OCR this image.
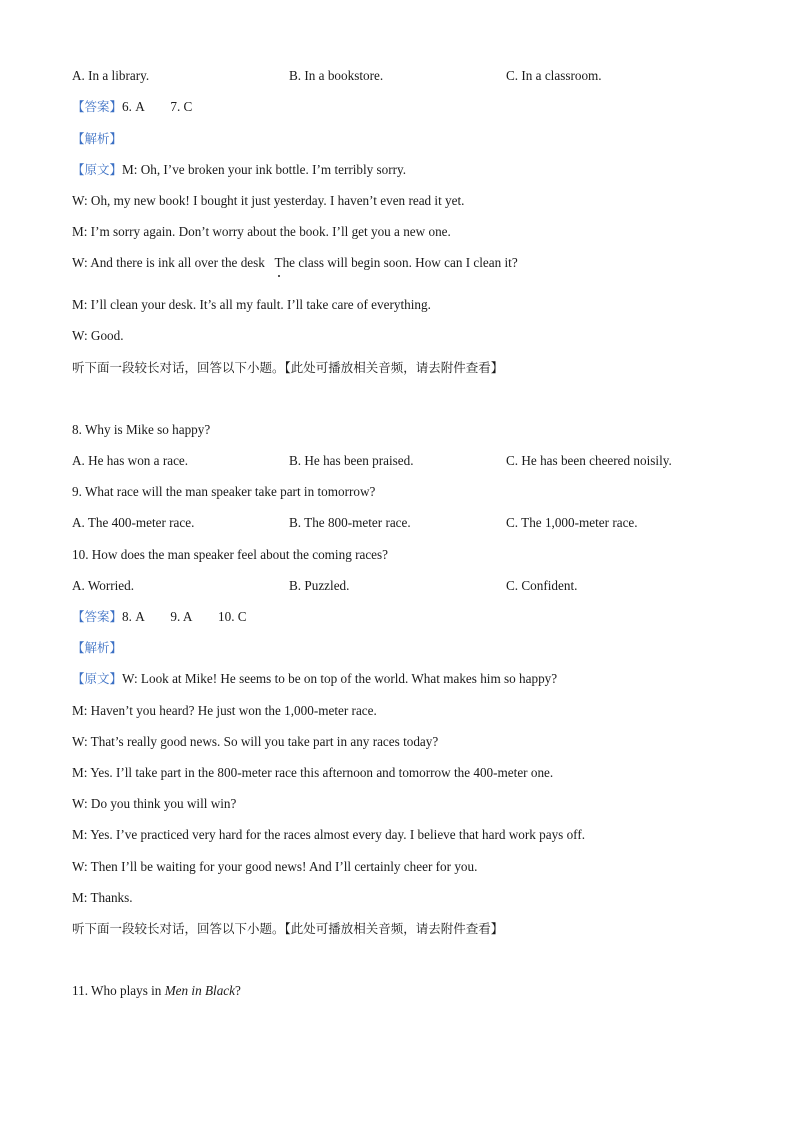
A. In a library.	B. In a bookstore.	C. In a classroom.
【答案】6. A        7. C
【解析】
【原文】M: Oh, I’ve broken your ink bottle. I’m terribly sorry.
W: Oh, my new book! I bought it just yesterday. I haven’t even read it yet.
M: I’m sorry again. Don’t worry about the book. I’ll get you a new one.
W: And there is ink all over the desk   The class will begin soon. How can I clean it?
M: I’ll clean your desk. It’s all my fault. I’ll take care of everything.
W: Good.
听下面一段较长对话，回答以下小题。【此处可播放相关音频，请去附件查看】
8. Why is Mike so happy?
A. He has won a race.	B. He has been praised.	C. He has been cheered noisily.
9. What race will the man speaker take part in tomorrow?
A. The 400-meter race.	B. The 800-meter race.	C. The 1,000-meter race.
10. How does the man speaker feel about the coming races?
A. Worried.	B. Puzzled.	C. Confident.
【答案】8. A        9. A        10. C
【解析】
【原文】W: Look at Mike! He seems to be on top of the world. What makes him so happy?
M: Haven’t you heard? He just won the 1,000-meter race.
W: That’s really good news. So will you take part in any races today?
M: Yes. I’ll take part in the 800-meter race this afternoon and tomorrow the 400-meter one.
W: Do you think you will win?
M: Yes. I’ve practiced very hard for the races almost every day. I believe that hard work pays off.
W: Then I’ll be waiting for your good news! And I’ll certainly cheer for you.
M: Thanks.
听下面一段较长对话，回答以下小题。【此处可播放相关音频，请去附件查看】
11. Who plays in Men in Black?
